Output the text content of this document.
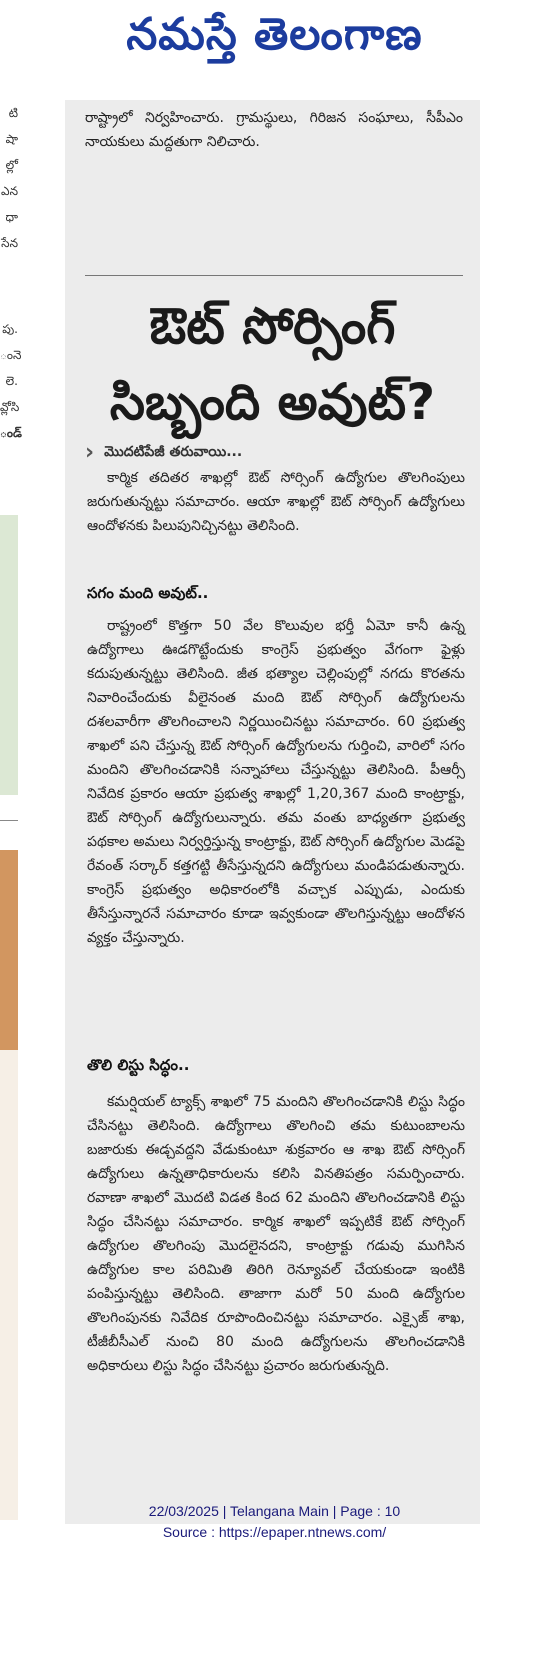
నమస్తే తెలంగాణ
టి
షా
ల్లో
ఎన
ధా
సేన
పు.
ంనె
లె.
వ్లోసి
ండ్
రాష్ట్రాలో నిర్వహించారు. గ్రామస్థులు, గిరిజన సంఘాలు, సీపీఎం నాయకులు మద్దతుగా నిలిచారు.
ఔట్ సోర్సింగ్
సిబ్బంది అవుట్?
› మొదటిపేజీ తరువాయి...
కార్మిక తదితర శాఖల్లో ఔట్ సోర్సింగ్ ఉద్యోగుల తొలగింపులు జరుగుతున్నట్టు సమాచారం. ఆయా శాఖల్లో ఔట్ సోర్సింగ్ ఉద్యోగులు ఆందోళనకు పిలుపునిచ్చినట్టు తెలిసింది.
సగం మంది అవుట్..
రాష్ట్రంలో కొత్తగా 50 వేల కొలువుల భర్తీ ఏమో కానీ ఉన్న ఉద్యోగాలు ఊడగొట్టేందుకు కాంగ్రెస్ ప్రభుత్వం వేగంగా ఫైళ్లు కదుపుతున్నట్టు తెలిసింది. జీత భత్యాల చెల్లింపుల్లో నగదు కొరతను నివారించేందుకు వీలైనంత మంది ఔట్ సోర్సింగ్ ఉద్యోగులను దశలవారీగా తొలగించాలని నిర్ణయించినట్టు సమాచారం. 60 ప్రభుత్వ శాఖలో పని చేస్తున్న ఔట్ సోర్సింగ్ ఉద్యోగులను గుర్తించి, వారిలో సగం మందిని తొలగించడానికి సన్నాహాలు చేస్తున్నట్టు తెలిసింది. పీఆర్సీ నివేదిక ప్రకారం ఆయా ప్రభుత్వ శాఖల్లో 1,20,367 మంది కాంట్రాక్టు, ఔట్ సోర్సింగ్ ఉద్యోగులున్నారు. తమ వంతు బాధ్యతగా ప్రభుత్వ పథకాల అమలు నిర్వర్తిస్తున్న కాంట్రాక్టు, ఔట్ సోర్సింగ్ ఉద్యోగుల మెడపై రేవంత్ సర్కార్ కత్తగట్టి తీసేస్తున్నదని ఉద్యోగులు మండిపడుతున్నారు. కాంగ్రెస్ ప్రభుత్వం అధికారంలోకి వచ్చాక ఎప్పుడు, ఎందుకు తీసేస్తున్నారనే సమాచారం కూడా ఇవ్వకుండా తొలగిస్తున్నట్టు ఆందోళన వ్యక్తం చేస్తున్నారు.
తొలి లిస్టు సిద్ధం..
కమర్షియల్ ట్యాక్స్ శాఖలో 75 మందిని తొలగించడానికి లిస్టు సిద్ధం చేసినట్టు తెలిసింది. ఉద్యోగాలు తొలగించి తమ కుటుంబాలను బజారుకు ఈడ్చవద్దని వేడుకుంటూ శుక్రవారం ఆ శాఖ ఔట్ సోర్సింగ్ ఉద్యోగులు ఉన్నతాధికారులను కలిసి వినతిపత్రం సమర్పించారు. రవాణా శాఖలో మొదటి విడత కింద 62 మందిని తొలగించడానికి లిస్టు సిద్ధం చేసినట్టు సమాచారం. కార్మిక శాఖలో ఇప్పటికే ఔట్ సోర్సింగ్ ఉద్యోగుల తొలగింపు మొదలైనదని, కాంట్రాక్టు గడువు ముగిసిన ఉద్యోగుల కాల పరిమితి తిరిగి రెన్యూవల్ చేయకుండా ఇంటికి పంపిస్తున్నట్టు తెలిసింది. తాజాగా మరో 50 మంది ఉద్యోగుల తొలగింపునకు నివేదిక రూపొందించినట్టు సమాచారం. ఎక్సైజ్ శాఖ, టీజీబీసీఎల్ నుంచి 80 మంది ఉద్యోగులను తొలగించడానికి అధికారులు లిస్టు సిద్ధం చేసినట్టు ప్రచారం జరుగుతున్నది.
22/03/2025 | Telangana Main | Page : 10
Source : https://epaper.ntnews.com/
